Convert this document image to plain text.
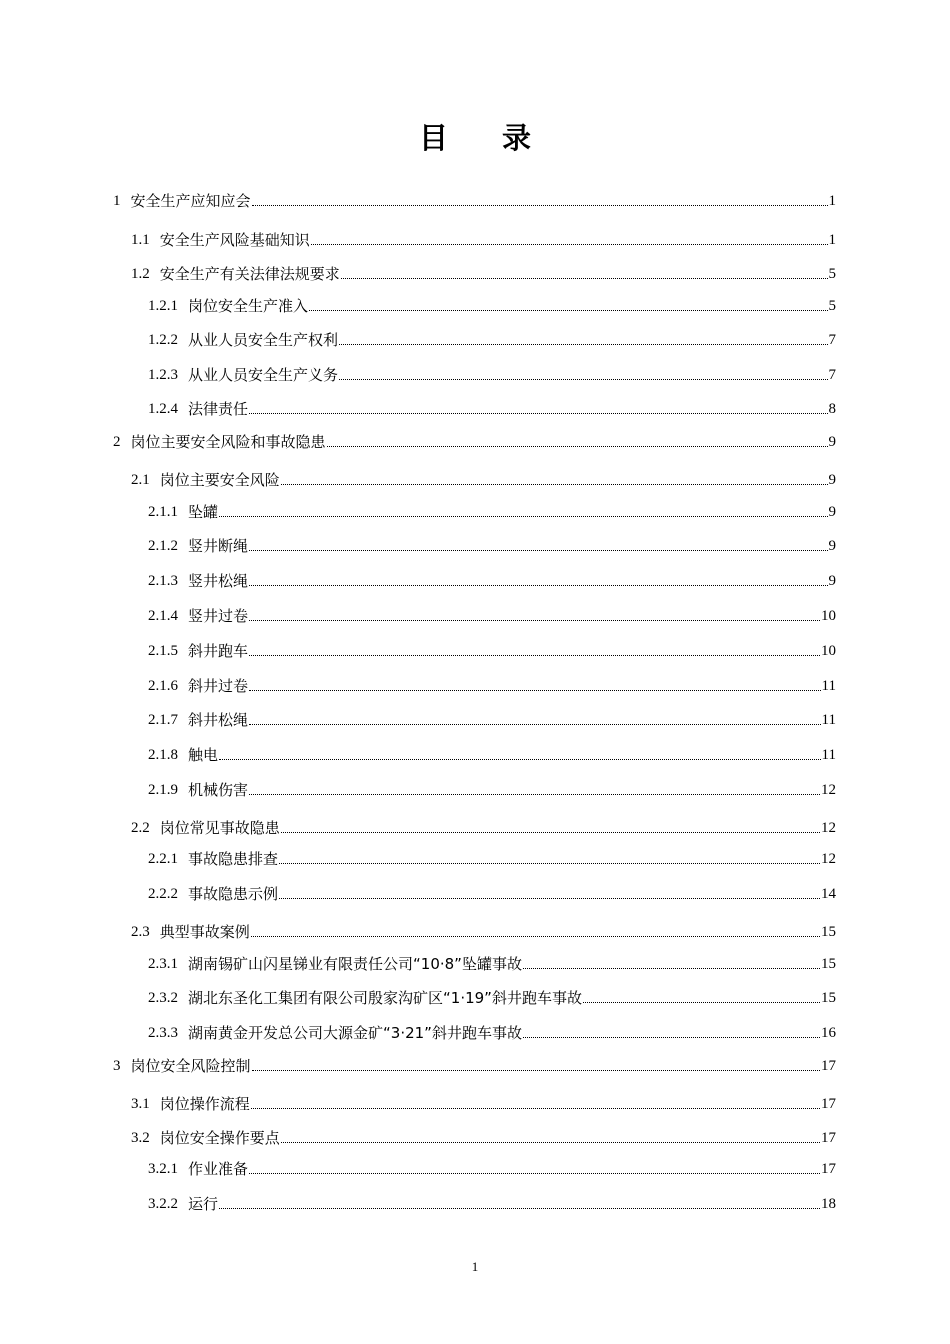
目录
1 安全生产应知应会	1
1.1 安全生产风险基础知识	1
1.2 安全生产有关法律法规要求	5
1.2.1 岗位安全生产准入	5
1.2.2 从业人员安全生产权利	7
1.2.3 从业人员安全生产义务	7
1.2.4 法律责任	8
2 岗位主要安全风险和事故隐患	9
2.1 岗位主要安全风险	9
2.1.1 坠罐	9
2.1.2 竖井断绳	9
2.1.3 竖井松绳	9
2.1.4 竖井过卷	10
2.1.5 斜井跑车	10
2.1.6 斜井过卷	11
2.1.7 斜井松绳	11
2.1.8 触电	11
2.1.9 机械伤害	12
2.2 岗位常见事故隐患	12
2.2.1 事故隐患排查	12
2.2.2 事故隐患示例	14
2.3 典型事故案例	15
2.3.1 湖南锡矿山闪星锑业有限责任公司“10·8”坠罐事故	15
2.3.2 湖北东圣化工集团有限公司殷家沟矿区“1·19”斜井跑车事故	15
2.3.3 湖南黄金开发总公司大源金矿“3·21”斜井跑车事故	16
3 岗位安全风险控制	17
3.1 岗位操作流程	17
3.2 岗位安全操作要点	17
3.2.1 作业准备	17
3.2.2 运行	18
1
